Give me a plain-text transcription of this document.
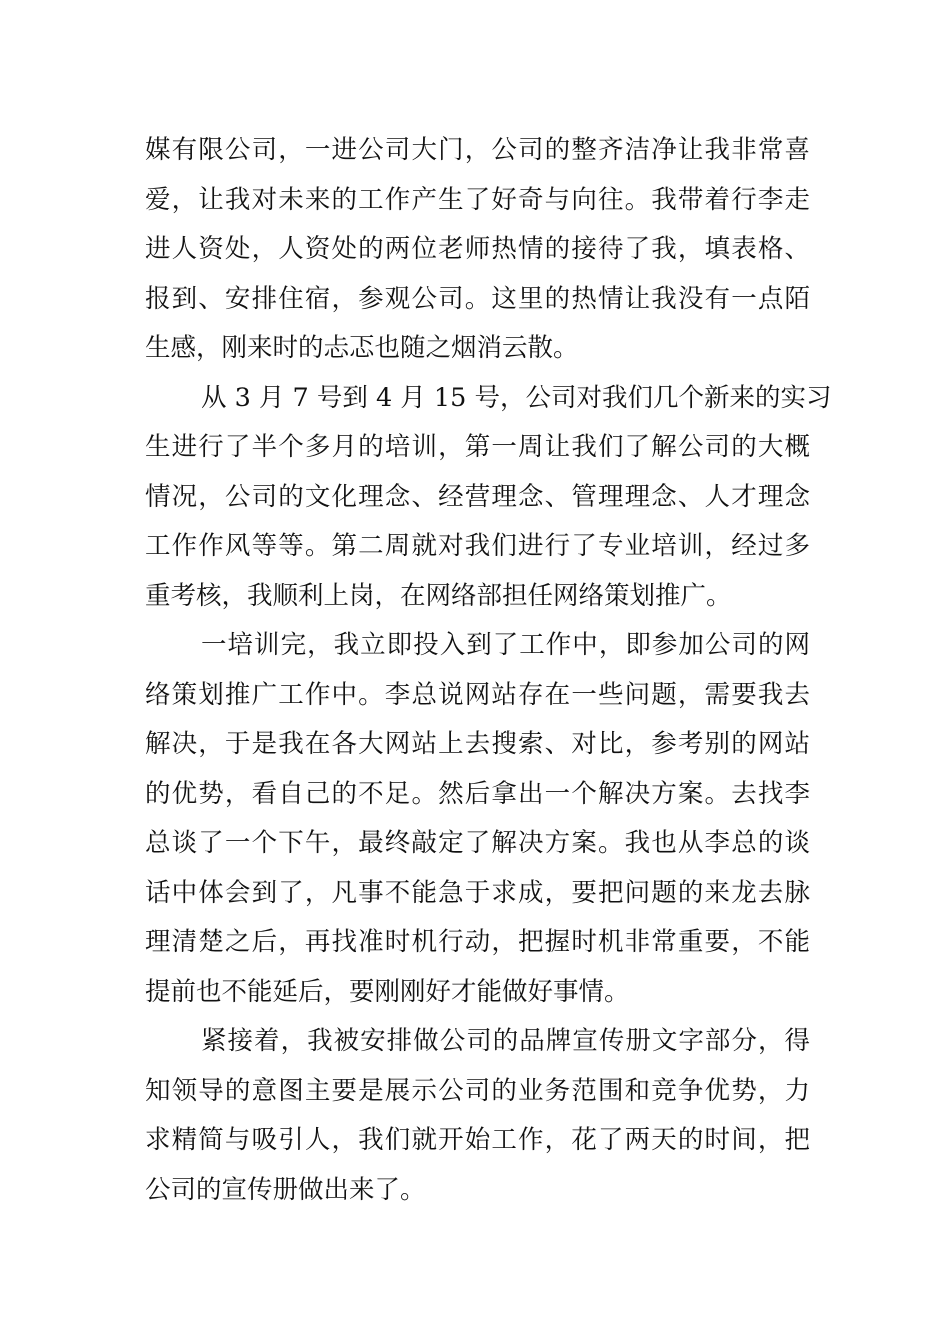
媒有限公司，一进公司大门，公司的整齐洁净让我非常喜
爱，让我对未来的工作产生了好奇与向往。我带着行李走
进人资处，人资处的两位老师热情的接待了我，填表格、
报到、安排住宿，参观公司。这里的热情让我没有一点陌
生感，刚来时的忐忑也随之烟消云散。
从 3 月 7 号到 4 月 15 号，公司对我们几个新来的实习
生进行了半个多月的培训，第一周让我们了解公司的大概
情况，公司的文化理念、经营理念、管理理念、人才理念
工作作风等等。第二周就对我们进行了专业培训，经过多
重考核，我顺利上岗，在网络部担任网络策划推广。
一培训完，我立即投入到了工作中，即参加公司的网
络策划推广工作中。李总说网站存在一些问题，需要我去
解决，于是我在各大网站上去搜索、对比，参考别的网站
的优势，看自己的不足。然后拿出一个解决方案。去找李
总谈了一个下午，最终敲定了解决方案。我也从李总的谈
话中体会到了，凡事不能急于求成，要把问题的来龙去脉
理清楚之后，再找准时机行动，把握时机非常重要，不能
提前也不能延后，要刚刚好才能做好事情。
紧接着，我被安排做公司的品牌宣传册文字部分，得
知领导的意图主要是展示公司的业务范围和竞争优势，力
求精简与吸引人，我们就开始工作，花了两天的时间，把
公司的宣传册做出来了。
